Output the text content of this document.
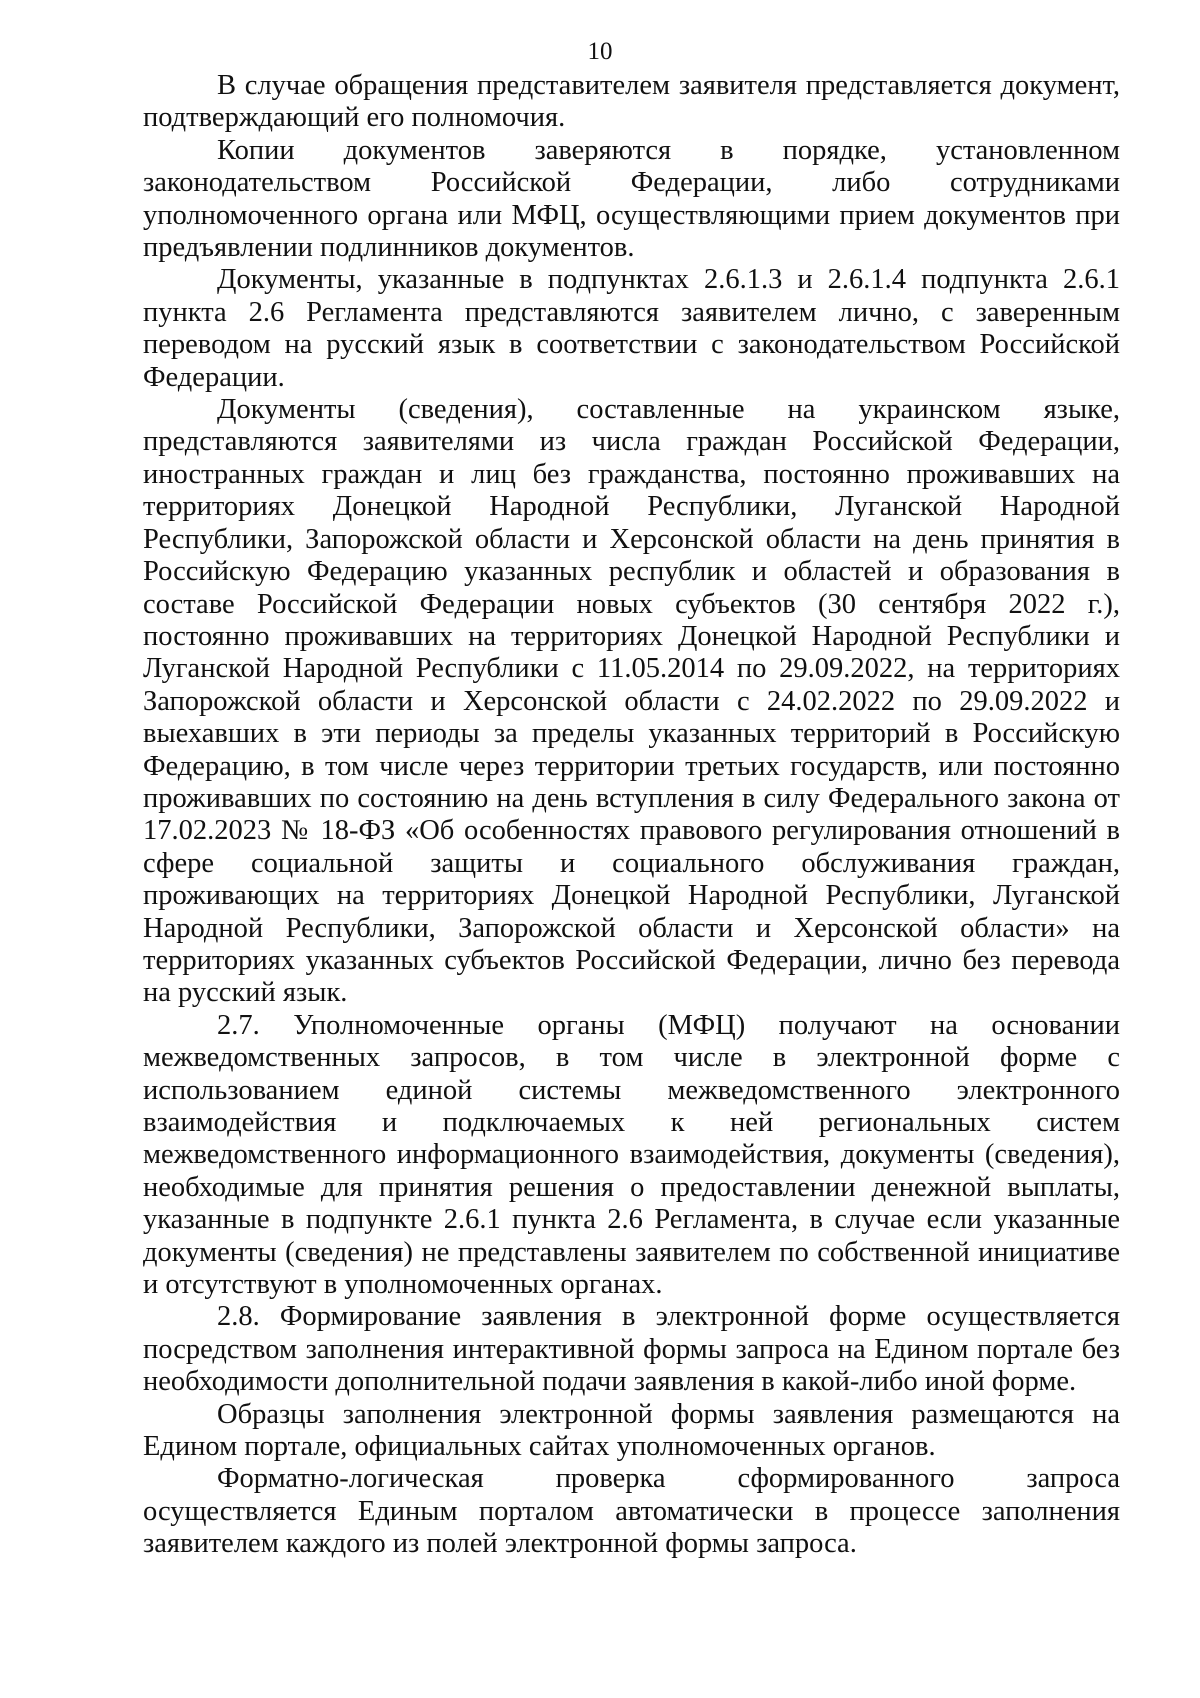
10

В случае обращения представителем заявителя представляется документ, подтверждающий его полномочия.

Копии документов заверяются в порядке, установленном законодательством Российской Федерации, либо сотрудниками уполномоченного органа или МФЦ, осуществляющими прием документов при предъявлении подлинников документов.

Документы, указанные в подпунктах 2.6.1.3 и 2.6.1.4 подпункта 2.6.1 пункта 2.6 Регламента представляются заявителем лично, с заверенным переводом на русский язык в соответствии с законодательством Российской Федерации.

Документы (сведения), составленные на украинском языке, представляются заявителями из числа граждан Российской Федерации, иностранных граждан и лиц без гражданства, постоянно проживавших на территориях Донецкой Народной Республики, Луганской Народной Республики, Запорожской области и Херсонской области на день принятия в Российскую Федерацию указанных республик и областей и образования в составе Российской Федерации новых субъектов (30 сентября 2022 г.), постоянно проживавших на территориях Донецкой Народной Республики и Луганской Народной Республики с 11.05.2014 по 29.09.2022, на территориях Запорожской области и Херсонской области с 24.02.2022 по 29.09.2022 и выехавших в эти периоды за пределы указанных территорий в Российскую Федерацию, в том числе через территории третьих государств, или постоянно проживавших по состоянию на день вступления в силу Федерального закона от 17.02.2023 № 18-ФЗ «Об особенностях правового регулирования отношений в сфере социальной защиты и социального обслуживания граждан, проживающих на территориях Донецкой Народной Республики, Луганской Народной Республики, Запорожской области и Херсонской области» на территориях указанных субъектов Российской Федерации, лично без перевода на русский язык.

2.7. Уполномоченные органы (МФЦ) получают на основании межведомственных запросов, в том числе в электронной форме с использованием единой системы межведомственного электронного взаимодействия и подключаемых к ней региональных систем межведомственного информационного взаимодействия, документы (сведения), необходимые для принятия решения о предоставлении денежной выплаты, указанные в подпункте 2.6.1 пункта 2.6 Регламента, в случае если указанные документы (сведения) не представлены заявителем по собственной инициативе и отсутствуют в уполномоченных органах.

2.8. Формирование заявления в электронной форме осуществляется посредством заполнения интерактивной формы запроса на Едином портале без необходимости дополнительной подачи заявления в какой-либо иной форме.

Образцы заполнения электронной формы заявления размещаются на Едином портале, официальных сайтах уполномоченных органов.

Форматно-логическая проверка сформированного запроса осуществляется Единым порталом автоматически в процессе заполнения заявителем каждого из полей электронной формы запроса.
